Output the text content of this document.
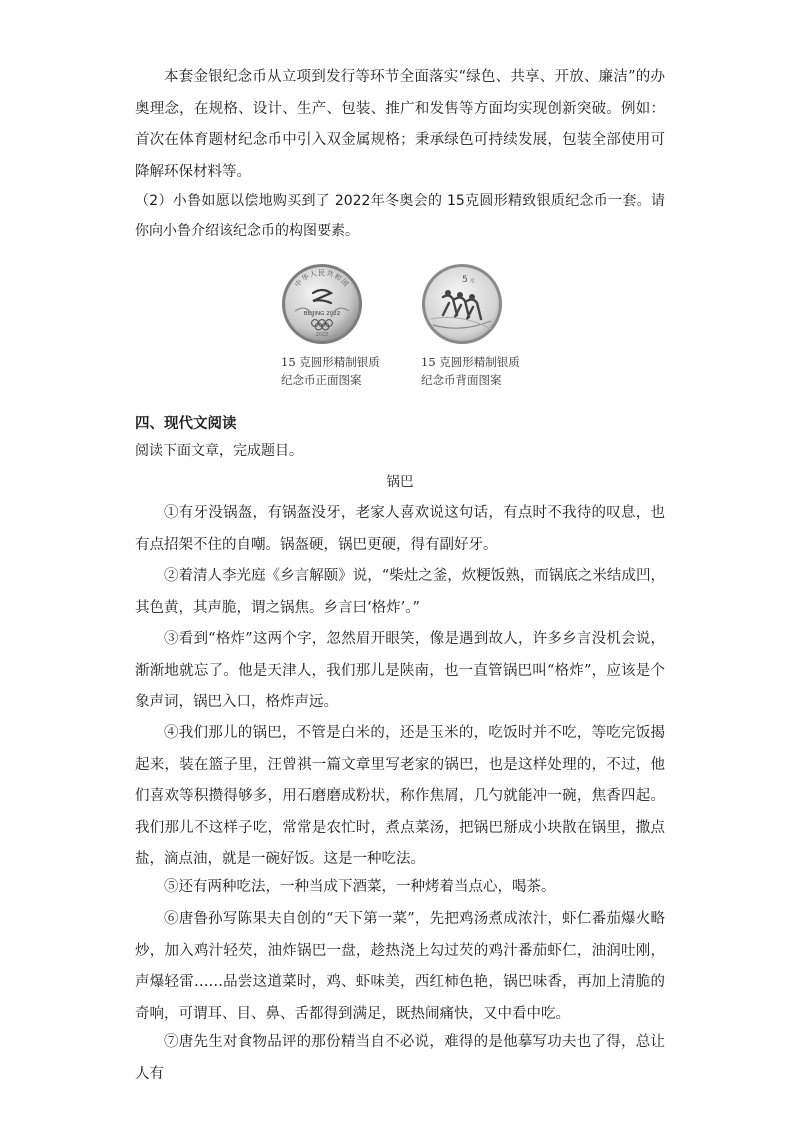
本套金银纪念币从立项到发行等环节全面落实“绿色、共享、开放、廉洁”的办奥理念，在规格、设计、生产、包装、推广和发售等方面均实现创新突破。例如：首次在体育题材纪念币中引入双金属规格；秉承绿色可持续发展，包装全部使用可降解环保材料等。
（2）小鲁如愿以偿地购买到了 2022年冬奥会的 15克圆形精致银质纪念币一套。请你向小鲁介绍该纪念币的构图要素。
中华人民共和国
BEIJING 2022
2022
15 克圆形精制银质
纪念币正面图案
5 元
15 克圆形精制银质
纪念币背面图案
四、现代文阅读
阅读下面文章，完成题目。
锅巴
①有牙没锅盔，有锅盔没牙，老家人喜欢说这句话，有点时不我待的叹息，也有点招架不住的自嘲。锅盔硬，锅巴更硬，得有副好牙。
②着清人李光庭《乡言解颐》说，“柴灶之釜，炊粳饭熟，而锅底之米结成凹，其色黄，其声脆，谓之锅焦。乡言曰‘格炸’。”
③看到“格炸”这两个字，忽然眉开眼笑，像是遇到故人，许多乡言没机会说，渐渐地就忘了。他是天津人，我们那儿是陕南，也一直管锅巴叫“格炸”，应该是个象声词，锅巴入口，格炸声远。
④我们那儿的锅巴，不管是白米的，还是玉米的，吃饭时并不吃，等吃完饭揭起来，装在篮子里，汪曾祺一篇文章里写老家的锅巴，也是这样处理的，不过，他们喜欢等积攒得够多，用石磨磨成粉状，称作焦屑，几勺就能冲一碗，焦香四起。我们那儿不这样子吃，常常是农忙时，煮点菜汤，把锅巴掰成小块散在锅里，撒点盐，滴点油，就是一碗好饭。这是一种吃法。
⑤还有两种吃法，一种当成下酒菜，一种烤着当点心，喝茶。
⑥唐鲁孙写陈果夫自创的“天下第一菜”，先把鸡汤煮成浓汁，虾仁番茄爆火略炒，加入鸡汁轻芡，油炸锅巴一盘，趁热浇上勾过芡的鸡汁番茄虾仁，油润吐刚，声爆轻雷……品尝这道菜时，鸡、虾味美，西红柿色艳，锅巴味香，再加上清脆的奇响，可谓耳、目、鼻、舌都得到满足，既热闹痛快，又中看中吃。
⑦唐先生对食物品评的那份精当自不必说，难得的是他摹写功夫也了得，总让人有
